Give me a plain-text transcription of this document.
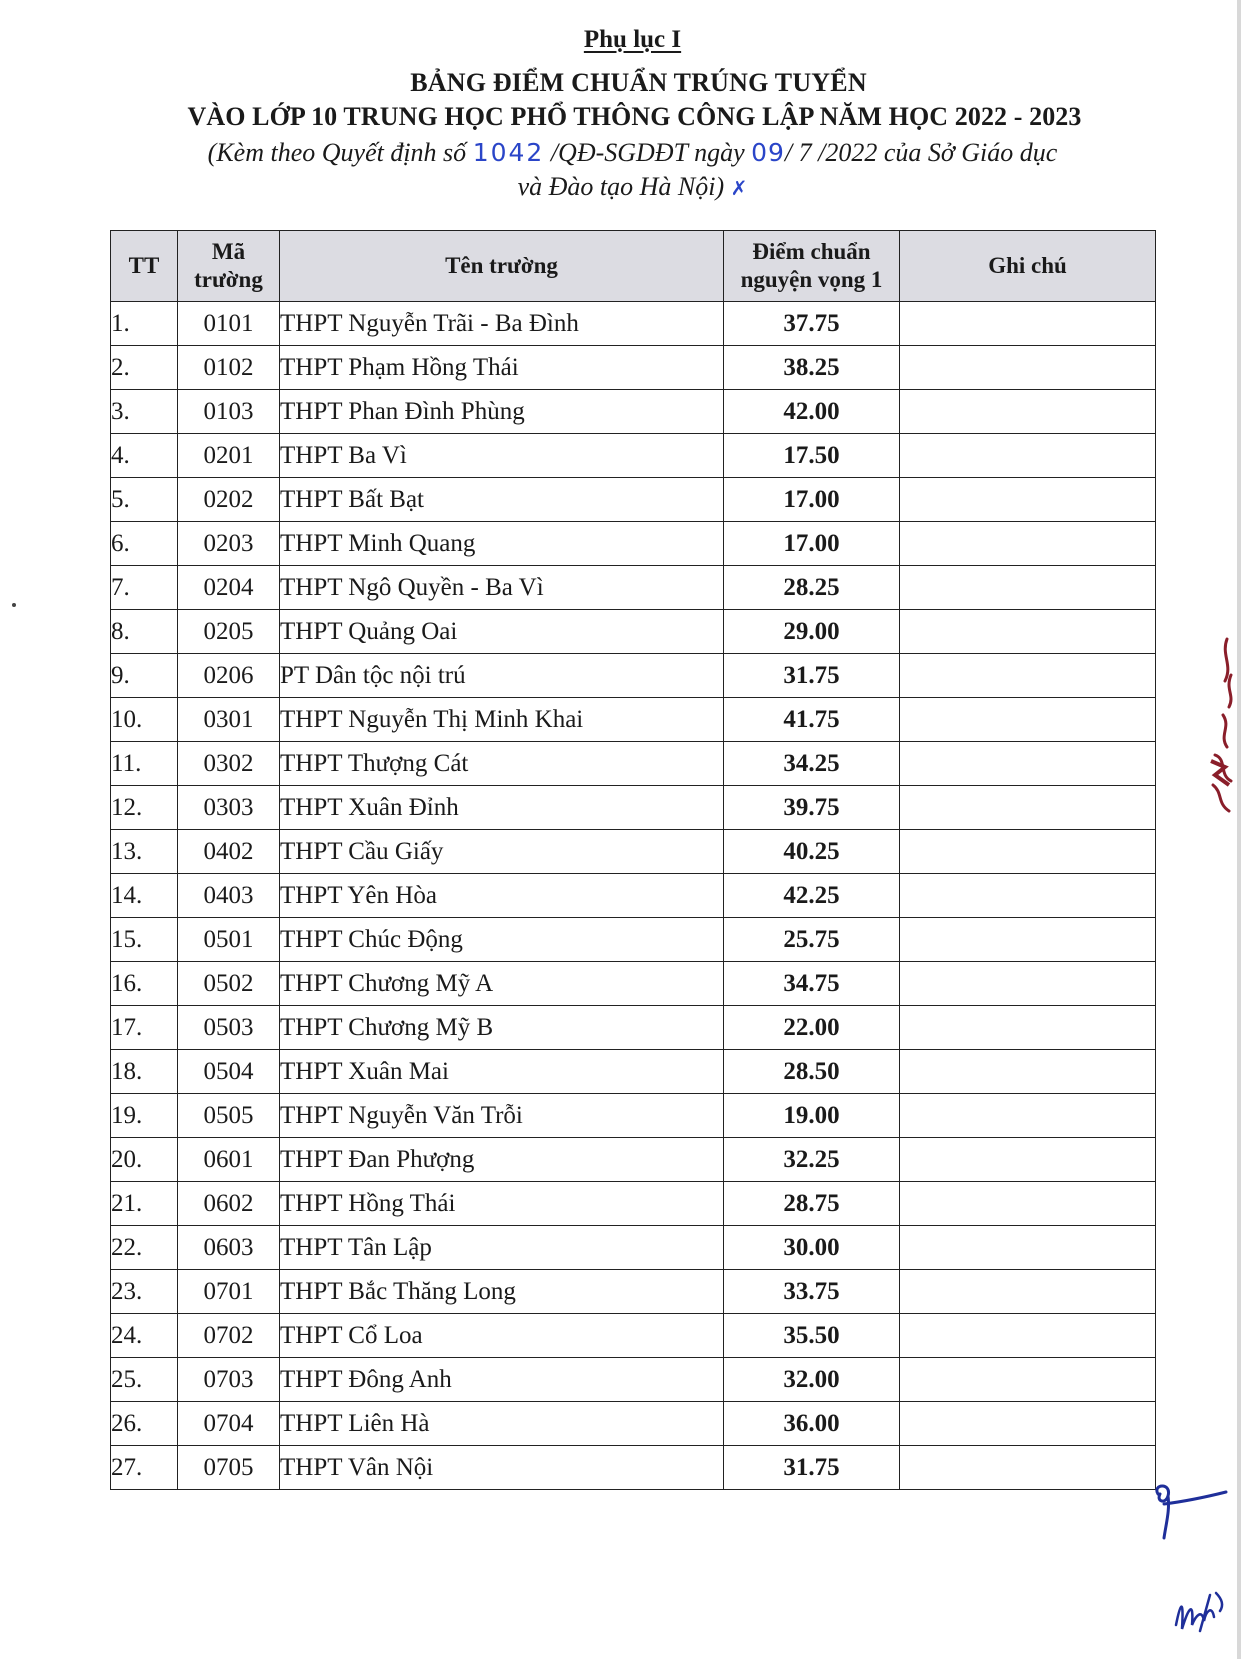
Phụ lục I
BẢNG ĐIỂM CHUẨN TRÚNG TUYỂN
VÀO LỚP 10 TRUNG HỌC PHỔ THÔNG CÔNG LẬP NĂM HỌC 2022 - 2023
(Kèm theo Quyết định số 1042 /QĐ-SGDĐT ngày 09/ 7 /2022 của Sở Giáo dục
và Đào tạo Hà Nội) ✗
TT	Mã trường	Tên trường	Điểm chuẩn nguyện vọng 1	Ghi chú
1.	0101	THPT Nguyễn Trãi - Ba Đình	37.75	
2.	0102	THPT Phạm Hồng Thái	38.25	
3.	0103	THPT Phan Đình Phùng	42.00	
4.	0201	THPT Ba Vì	17.50	
5.	0202	THPT Bất Bạt	17.00	
6.	0203	THPT Minh Quang	17.00	
7.	0204	THPT Ngô Quyền - Ba Vì	28.25	
8.	0205	THPT Quảng Oai	29.00	
9.	0206	PT Dân tộc nội trú	31.75	
10.	0301	THPT Nguyễn Thị Minh Khai	41.75	
11.	0302	THPT Thượng Cát	34.25	
12.	0303	THPT Xuân Đỉnh	39.75	
13.	0402	THPT Cầu Giấy	40.25	
14.	0403	THPT Yên Hòa	42.25	
15.	0501	THPT Chúc Động	25.75	
16.	0502	THPT Chương Mỹ A	34.75	
17.	0503	THPT Chương Mỹ B	22.00	
18.	0504	THPT Xuân Mai	28.50	
19.	0505	THPT Nguyễn Văn Trỗi	19.00	
20.	0601	THPT Đan Phượng	32.25	
21.	0602	THPT Hồng Thái	28.75	
22.	0603	THPT Tân Lập	30.00	
23.	0701	THPT Bắc Thăng Long	33.75	
24.	0702	THPT Cổ Loa	35.50	
25.	0703	THPT Đông Anh	32.00	
26.	0704	THPT Liên Hà	36.00	
27.	0705	THPT Vân Nội	31.75	
